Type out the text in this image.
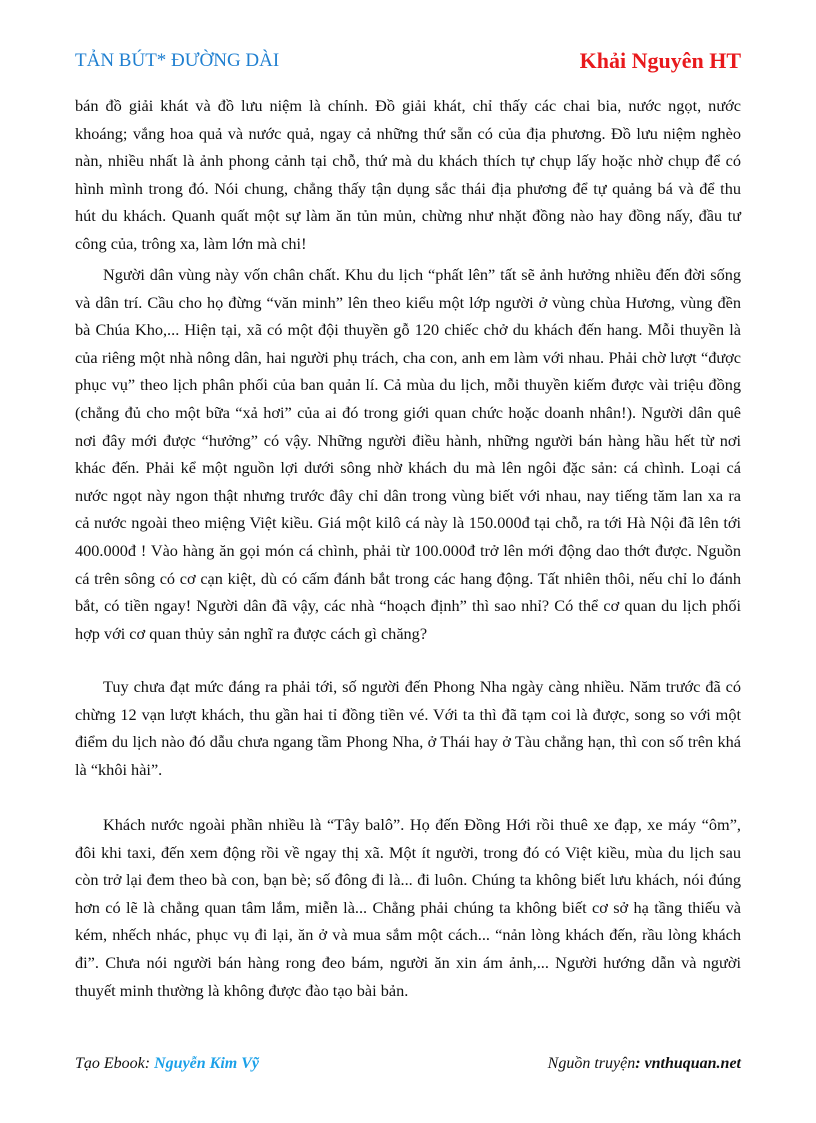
TẢN BÚT* ĐƯỜNG DÀI	Khải Nguyên HT
bán đồ giải khát và đồ lưu niệm là chính. Đồ giải khát, chỉ thấy các chai bia, nước ngọt, nước
khoáng; vắng hoa quả và nước quả, ngay cả những thứ sẵn có của địa phương. Đồ lưu niệm nghèo
nàn, nhiều nhất là ảnh phong cảnh tại chỗ, thứ mà du khách thích tự chụp lấy hoặc nhờ chụp để có
hình mình trong đó. Nói chung, chẳng thấy tận dụng sắc thái địa phương để tự quảng bá và để thu
hút du khách. Quanh quất một sự làm ăn tủn mủn, chừng như nhặt đồng nào hay đồng nấy, đầu tư
công của, trông xa, làm lớn mà chi!
Người dân vùng này vốn chân chất. Khu du lịch “phất lên” tất sẽ ảnh hưởng nhiều đến đời sống
và dân trí. Cầu cho họ đừng “văn minh” lên theo kiểu một lớp người ở vùng chùa Hương, vùng đền
bà Chúa Kho,... Hiện tại, xã có một đội thuyền gỗ 120 chiếc chở du khách đến hang. Mỗi thuyền là
của riêng một nhà nông dân, hai người phụ trách, cha con, anh em làm với nhau. Phải chờ lượt “được
phục vụ” theo lịch phân phối của ban quản lí. Cả mùa du lịch, mỗi thuyền kiếm được vài triệu đồng
(chẳng đủ cho một bữa “xả hơi” của ai đó trong giới quan chức hoặc doanh nhân!). Người dân quê
nơi đây mới được “hưởng” có vậy. Những người điều hành, những người bán hàng hầu hết từ nơi
khác đến. Phải kể một nguồn lợi dưới sông nhờ khách du mà lên ngôi đặc sản: cá chình. Loại cá
nước ngọt này ngon thật nhưng trước đây chỉ dân trong vùng biết với nhau, nay tiếng tăm lan xa ra
cả nước ngoài theo miệng Việt kiều. Giá một kilô cá này là 150.000đ tại chỗ, ra tới Hà Nội đã lên tới
400.000đ ! Vào hàng ăn gọi món cá chình, phải từ 100.000đ trở lên mới động dao thớt được. Nguồn
cá trên sông có cơ cạn kiệt, dù có cấm đánh bắt trong các hang động. Tất nhiên thôi, nếu chỉ lo đánh
bắt, có tiền ngay! Người dân đã vậy, các nhà “hoạch định” thì sao nhỉ? Có thể cơ quan du lịch phối
hợp với cơ quan thủy sản nghĩ ra được cách gì chăng?
Tuy chưa đạt mức đáng ra phải tới, số người đến Phong Nha ngày càng nhiều. Năm trước đã có
chừng 12 vạn lượt khách, thu gần hai tỉ đồng tiền vé. Với ta thì đã tạm coi là được, song so với một
điểm du lịch nào đó dẫu chưa ngang tầm Phong Nha, ở Thái hay ở Tàu chẳng hạn, thì con số trên khá
là “khôi hài”.
Khách nước ngoài phần nhiều là “Tây balô”. Họ đến Đồng Hới rồi thuê xe đạp, xe máy “ôm”,
đôi khi taxi, đến xem động rồi về ngay thị xã. Một ít người, trong đó có Việt kiều, mùa du lịch sau
còn trở lại đem theo bà con, bạn bè; số đông đi là... đi luôn. Chúng ta không biết lưu khách, nói đúng
hơn có lẽ là chẳng quan tâm lắm, miễn là... Chẳng phải chúng ta không biết cơ sở hạ tầng thiếu và
kém, nhếch nhác, phục vụ đi lại, ăn ở và mua sắm một cách... “nản lòng khách đến, rầu lòng khách
đi”. Chưa nói người bán hàng rong đeo bám, người ăn xin ám ảnh,... Người hướng dẫn và người
thuyết minh thường là không được đào tạo bài bản.
Tạo Ebook: Nguyễn Kim Vỹ	Nguồn truyện: vnthuquan.net
